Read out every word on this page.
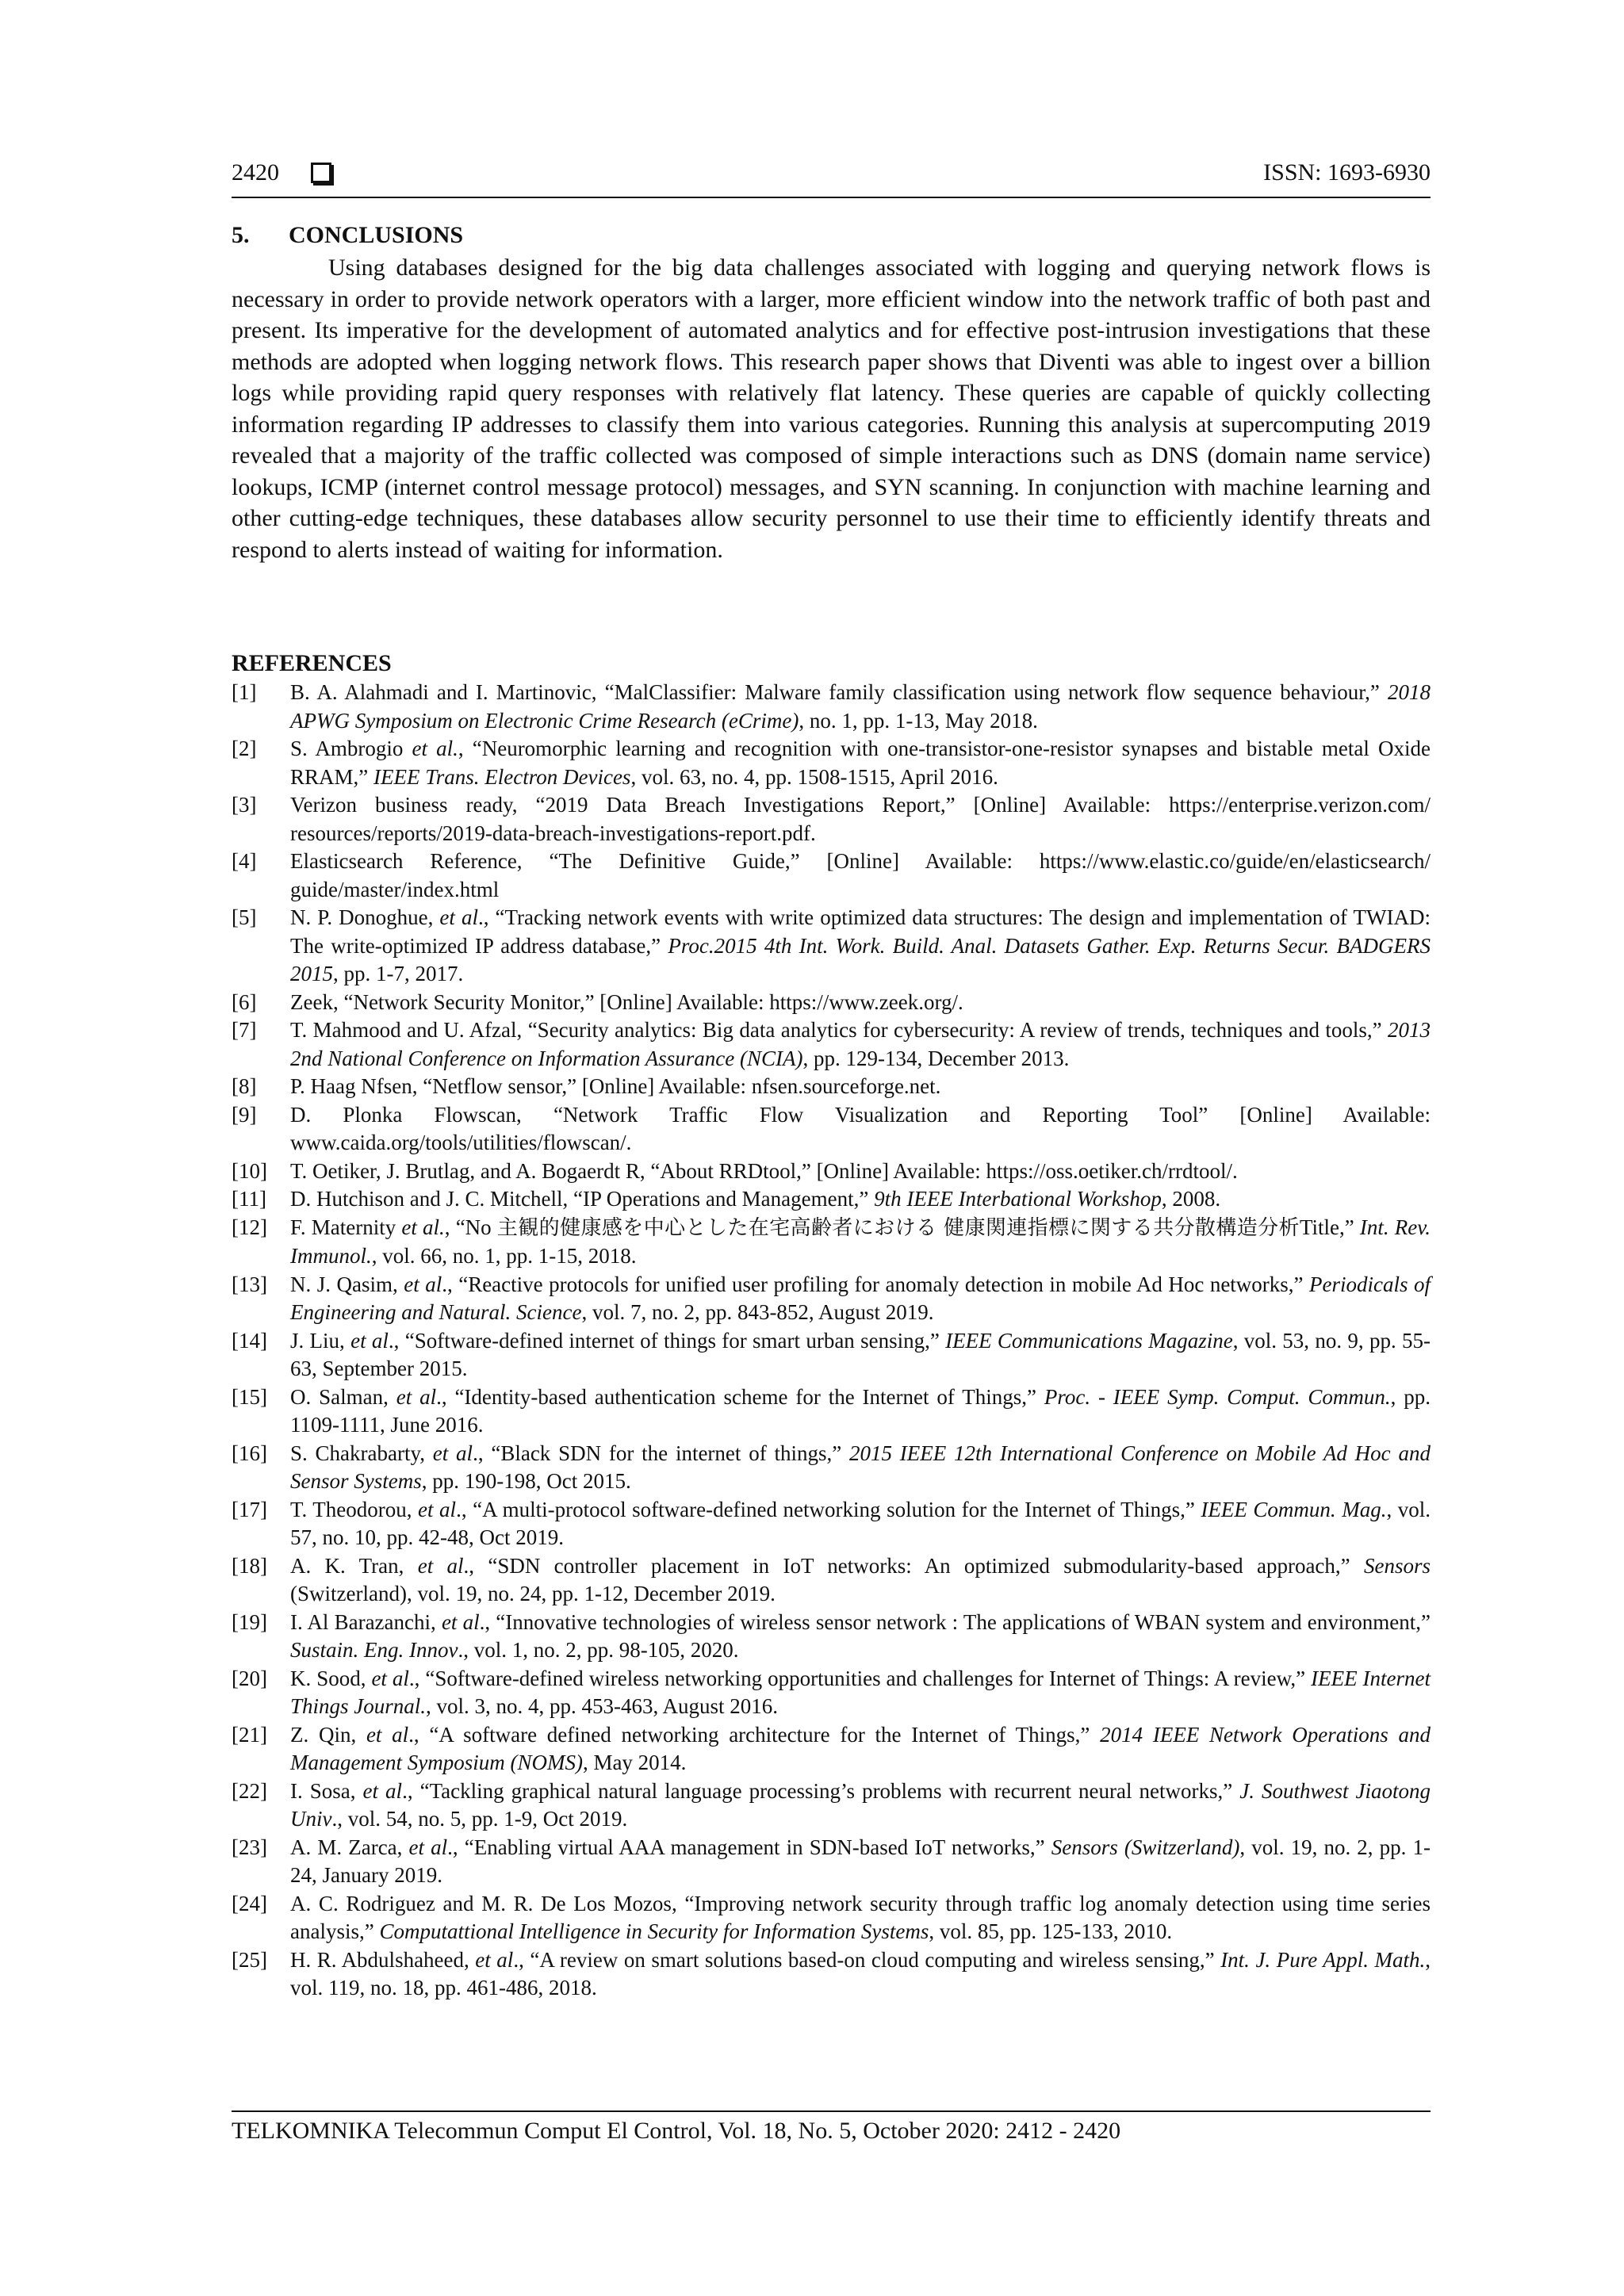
2420	ISSN: 1693-6930
5. CONCLUSIONS

Using databases designed for the big data challenges associated with logging and querying network flows is necessary in order to provide network operators with a larger, more efficient window into the network traffic of both past and present. Its imperative for the development of automated analytics and for effective post-intrusion investigations that these methods are adopted when logging network flows. This research paper shows that Diventi was able to ingest over a billion logs while providing rapid query responses with relatively flat latency. These queries are capable of quickly collecting information regarding IP addresses to classify them into various categories. Running this analysis at supercomputing 2019 revealed that a majority of the traffic collected was composed of simple interactions such as DNS (domain name service) lookups, ICMP (internet control message protocol) messages, and SYN scanning. In conjunction with machine learning and other cutting-edge techniques, these databases allow security personnel to use their time to efficiently identify threats and respond to alerts instead of waiting for information.

REFERENCES
[1]	B. A. Alahmadi and I. Martinovic, “MalClassifier: Malware family classification using network flow sequence behaviour,” 2018 APWG Symposium on Electronic Crime Research (eCrime), no. 1, pp. 1-13, May 2018.
[2]	S. Ambrogio et al., “Neuromorphic learning and recognition with one-transistor-one-resistor synapses and bistable metal Oxide RRAM,” IEEE Trans. Electron Devices, vol. 63, no. 4, pp. 1508-1515, April 2016.
[3]	Verizon business ready, “2019 Data Breach Investigations Report,” [Online] Available: https://enterprise.verizon.com/ resources/reports/2019-data-breach-investigations-report.pdf.
[4]	Elasticsearch Reference, “The Definitive Guide,” [Online] Available: https://www.elastic.co/guide/en/elasticsearch/ guide/master/index.html
[5]	N. P. Donoghue, et al., “Tracking network events with write optimized data structures: The design and implementation of TWIAD: The write-optimized IP address database,” Proc.2015 4th Int. Work. Build. Anal. Datasets Gather. Exp. Returns Secur. BADGERS 2015, pp. 1-7, 2017.
[6]	Zeek, “Network Security Monitor,” [Online] Available: https://www.zeek.org/.
[7]	T. Mahmood and U. Afzal, “Security analytics: Big data analytics for cybersecurity: A review of trends, techniques and tools,” 2013 2nd National Conference on Information Assurance (NCIA), pp. 129-134, December 2013.
[8]	P. Haag Nfsen, “Netflow sensor,” [Online] Available: nfsen.sourceforge.net.
[9]	D. Plonka Flowscan, “Network Traffic Flow Visualization and Reporting Tool” [Online] Available: www.caida.org/tools/utilities/flowscan/.
[10]	T. Oetiker, J. Brutlag, and A. Bogaerdt R, “About RRDtool,” [Online] Available: https://oss.oetiker.ch/rrdtool/.
[11]	D. Hutchison and J. C. Mitchell, “IP Operations and Management,” 9th IEEE Interbational Workshop, 2008.
[12]	F. Maternity et al., “No 主観的健康感を中心とした在宅高齢者における 健康関連指標に関する共分散構造分析Title,” Int. Rev. Immunol., vol. 66, no. 1, pp. 1-15, 2018.
[13]	N. J. Qasim, et al., “Reactive protocols for unified user profiling for anomaly detection in mobile Ad Hoc networks,” Periodicals of Engineering and Natural. Science, vol. 7, no. 2, pp. 843-852, August 2019.
[14]	J. Liu, et al., “Software-defined internet of things for smart urban sensing,” IEEE Communications Magazine, vol. 53, no. 9, pp. 55-63, September 2015.
[15]	O. Salman, et al., “Identity-based authentication scheme for the Internet of Things,” Proc. - IEEE Symp. Comput. Commun., pp. 1109-1111, June 2016.
[16]	S. Chakrabarty, et al., “Black SDN for the internet of things,” 2015 IEEE 12th International Conference on Mobile Ad Hoc and Sensor Systems, pp. 190-198, Oct 2015.
[17]	T. Theodorou, et al., “A multi-protocol software-defined networking solution for the Internet of Things,” IEEE Commun. Mag., vol. 57, no. 10, pp. 42-48, Oct 2019.
[18]	A. K. Tran, et al., “SDN controller placement in IoT networks: An optimized submodularity-based approach,” Sensors (Switzerland), vol. 19, no. 24, pp. 1-12, December 2019.
[19]	I. Al Barazanchi, et al., “Innovative technologies of wireless sensor network : The applications of WBAN system and environment,” Sustain. Eng. Innov., vol. 1, no. 2, pp. 98-105, 2020.
[20]	K. Sood, et al., “Software-defined wireless networking opportunities and challenges for Internet of Things: A review,” IEEE Internet Things Journal., vol. 3, no. 4, pp. 453-463, August 2016.
[21]	Z. Qin, et al., “A software defined networking architecture for the Internet of Things,” 2014 IEEE Network Operations and Management Symposium (NOMS), May 2014.
[22]	I. Sosa, et al., “Tackling graphical natural language processing’s problems with recurrent neural networks,” J. Southwest Jiaotong Univ., vol. 54, no. 5, pp. 1-9, Oct 2019.
[23]	A. M. Zarca, et al., “Enabling virtual AAA management in SDN-based IoT networks,” Sensors (Switzerland), vol. 19, no. 2, pp. 1-24, January 2019.
[24]	A. C. Rodriguez and M. R. De Los Mozos, “Improving network security through traffic log anomaly detection using time series analysis,” Computattional Intelligence in Security for Information Systems, vol. 85, pp. 125-133, 2010.
[25]	H. R. Abdulshaheed, et al., “A review on smart solutions based-on cloud computing and wireless sensing,” Int. J. Pure Appl. Math., vol. 119, no. 18, pp. 461-486, 2018.
TELKOMNIKA Telecommun Comput El Control, Vol. 18, No. 5, October 2020: 2412 - 2420
